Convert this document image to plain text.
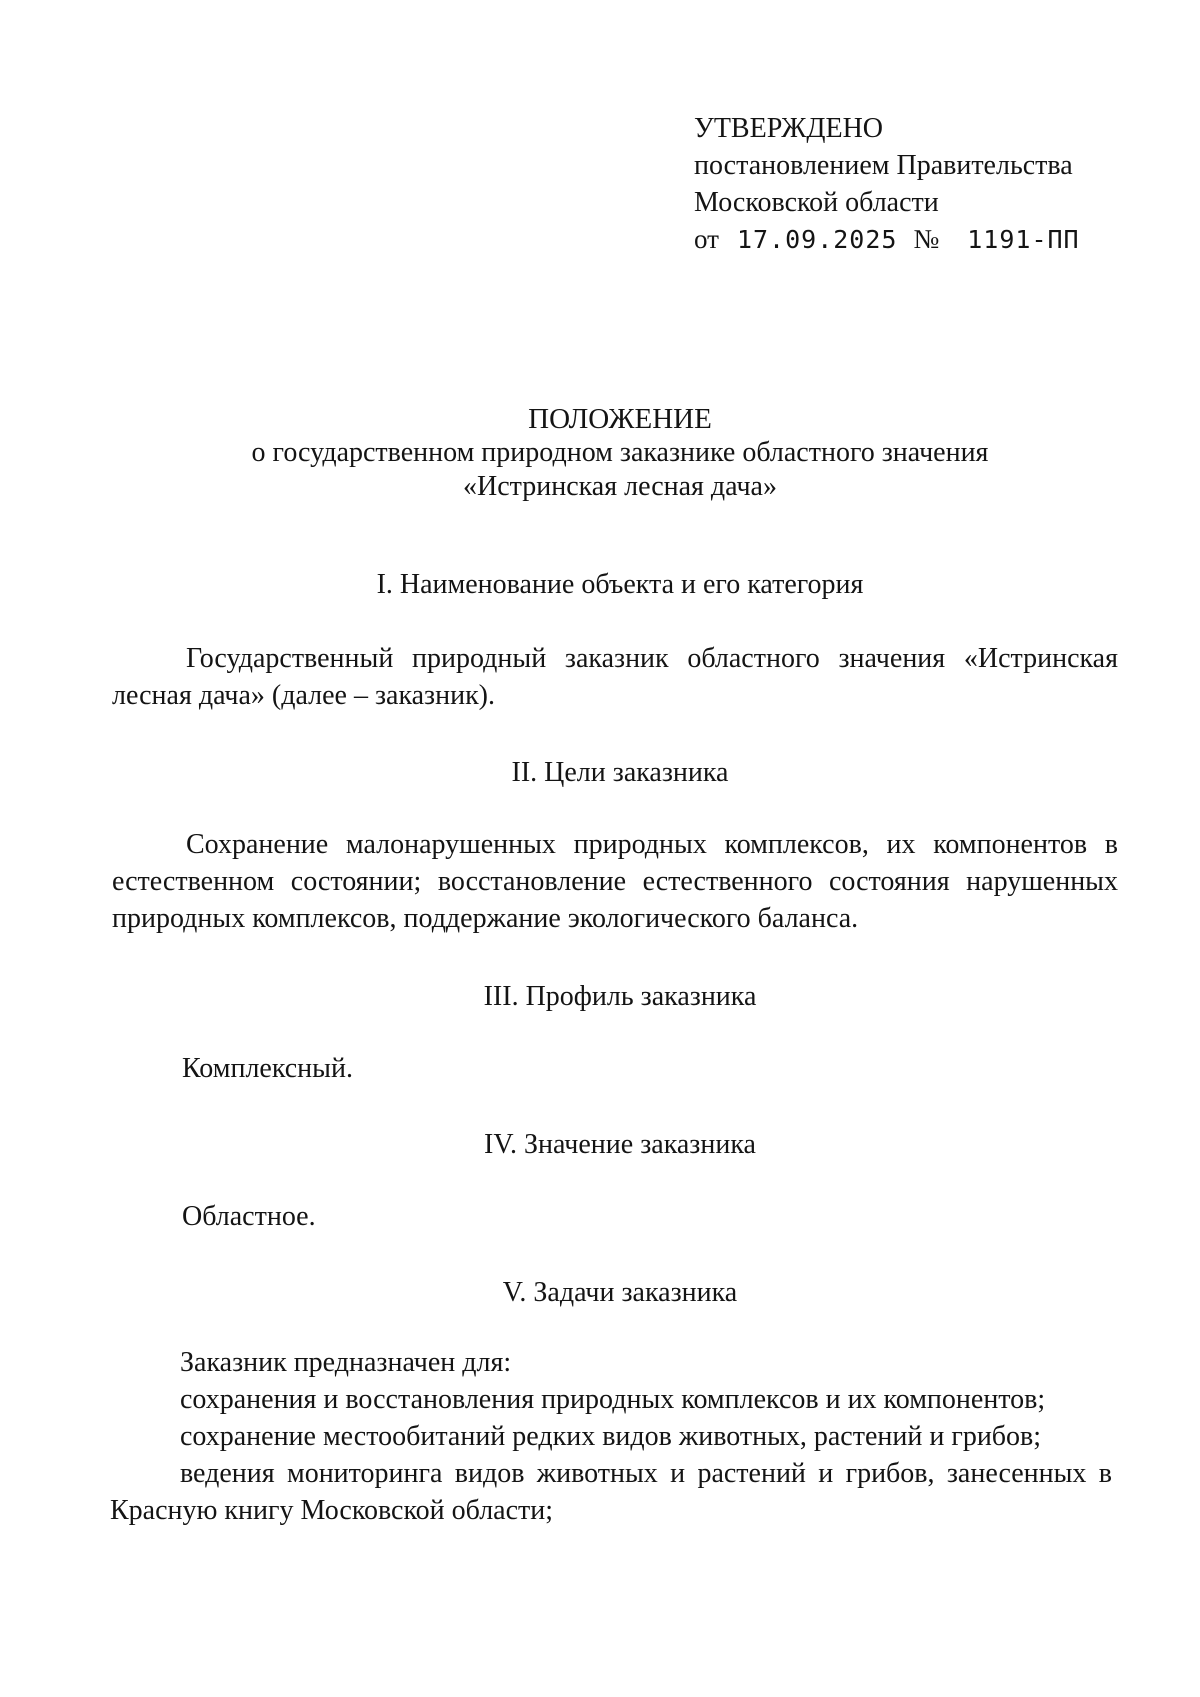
УТВЕРЖДЕНО
постановлением Правительства
Московской области
от 17.09.2025 № 1191-ПП
ПОЛОЖЕНИЕ
о государственном природном заказнике областного значения
«Истринская лесная дача»
I. Наименование объекта и его категория
Государственный природный заказник областного значения «Истринская лесная дача» (далее – заказник).
II. Цели заказника
Сохранение малонарушенных природных комплексов, их компонентов в естественном состоянии; восстановление естественного состояния нарушенных природных комплексов, поддержание экологического баланса.
III. Профиль заказника
Комплексный.
IV. Значение заказника
Областное.
V. Задачи заказника
Заказник предназначен для:
сохранения и восстановления природных комплексов и их компонентов;
сохранение местообитаний редких видов животных, растений и грибов;
ведения мониторинга видов животных и растений и грибов, занесенных в Красную книгу Московской области;
